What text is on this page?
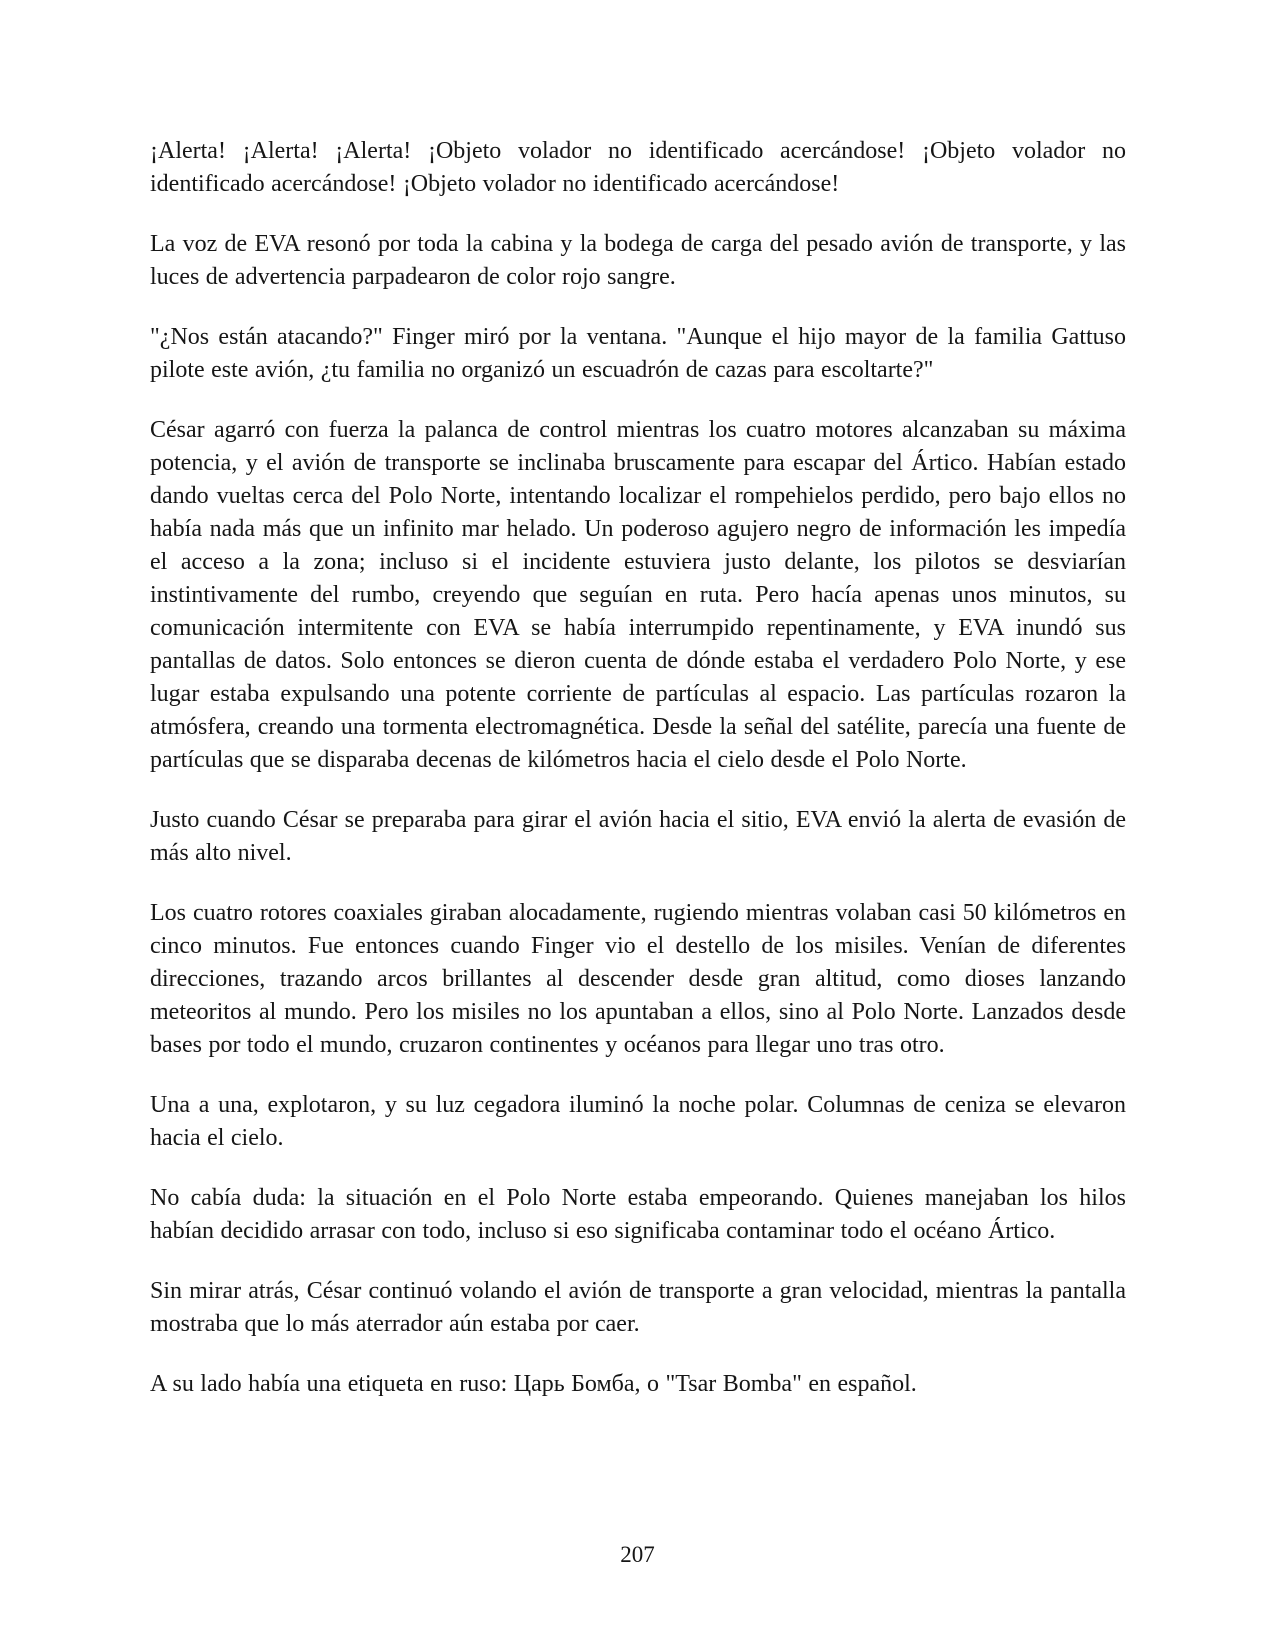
¡Alerta! ¡Alerta! ¡Alerta! ¡Objeto volador no identificado acercándose! ¡Objeto volador no identificado acercándose! ¡Objeto volador no identificado acercándose!

La voz de EVA resonó por toda la cabina y la bodega de carga del pesado avión de transporte, y las luces de advertencia parpadearon de color rojo sangre.

"¿Nos están atacando?" Finger miró por la ventana. "Aunque el hijo mayor de la familia Gattuso pilote este avión, ¿tu familia no organizó un escuadrón de cazas para escoltarte?"

César agarró con fuerza la palanca de control mientras los cuatro motores alcanzaban su máxima potencia, y el avión de transporte se inclinaba bruscamente para escapar del Ártico. Habían estado dando vueltas cerca del Polo Norte, intentando localizar el rompehielos perdido, pero bajo ellos no había nada más que un infinito mar helado. Un poderoso agujero negro de información les impedía el acceso a la zona; incluso si el incidente estuviera justo delante, los pilotos se desviarían instintivamente del rumbo, creyendo que seguían en ruta. Pero hacía apenas unos minutos, su comunicación intermitente con EVA se había interrumpido repentinamente, y EVA inundó sus pantallas de datos. Solo entonces se dieron cuenta de dónde estaba el verdadero Polo Norte, y ese lugar estaba expulsando una potente corriente de partículas al espacio. Las partículas rozaron la atmósfera, creando una tormenta electromagnética. Desde la señal del satélite, parecía una fuente de partículas que se disparaba decenas de kilómetros hacia el cielo desde el Polo Norte.

Justo cuando César se preparaba para girar el avión hacia el sitio, EVA envió la alerta de evasión de más alto nivel.

Los cuatro rotores coaxiales giraban alocadamente, rugiendo mientras volaban casi 50 kilómetros en cinco minutos. Fue entonces cuando Finger vio el destello de los misiles. Venían de diferentes direcciones, trazando arcos brillantes al descender desde gran altitud, como dioses lanzando meteoritos al mundo. Pero los misiles no los apuntaban a ellos, sino al Polo Norte. Lanzados desde bases por todo el mundo, cruzaron continentes y océanos para llegar uno tras otro.

Una a una, explotaron, y su luz cegadora iluminó la noche polar. Columnas de ceniza se elevaron hacia el cielo.

No cabía duda: la situación en el Polo Norte estaba empeorando. Quienes manejaban los hilos habían decidido arrasar con todo, incluso si eso significaba contaminar todo el océano Ártico.

Sin mirar atrás, César continuó volando el avión de transporte a gran velocidad, mientras la pantalla mostraba que lo más aterrador aún estaba por caer.

A su lado había una etiqueta en ruso: Царь Бомба, o "Tsar Bomba" en español.

207
